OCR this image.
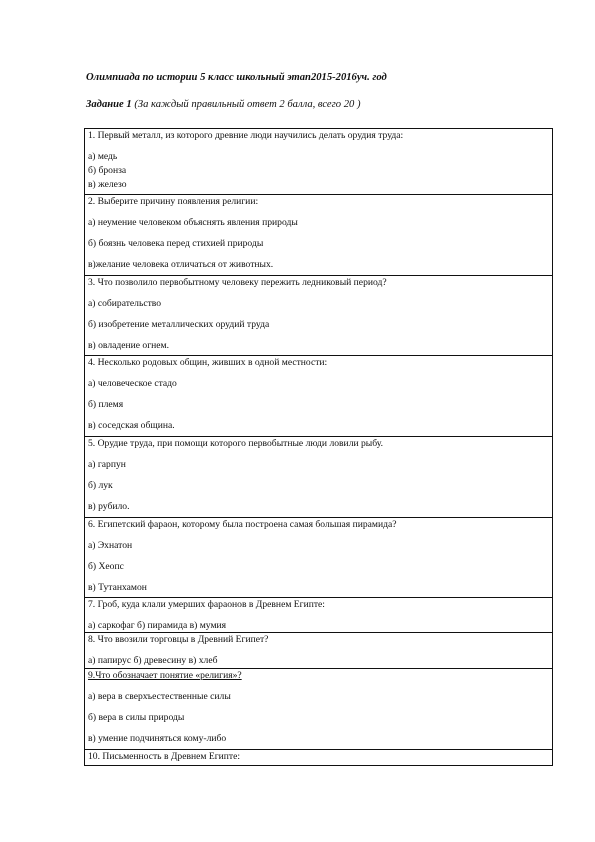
Олимпиада по истории 5 класс школьный этап2015-2016уч. год
Задание 1 (За каждый правильный ответ 2 балла, всего 20 )
1. Первый металл, из которого древние люди научились делать орудия труда:
а) медь
б) бронза
в) железо
2. Выберите причину появления религии:
а) неумение человеком объяснять явления природы
б) боязнь человека перед стихией природы
в)желание человека отличаться от животных.
3. Что позволило первобытному человеку пережить ледниковый период?
а) собирательство
б) изобретение металлических орудий труда
в) овладение огнем.
4. Несколько родовых общин, живших в одной местности:
а) человеческое стадо
б) племя
в) соседская община.
5. Орудие труда, при помощи которого первобытные люди ловили рыбу.
а) гарпун
б) лук
в) рубило.
6. Египетский фараон, которому была построена самая большая пирамида?
а) Эхнатон
б) Хеопс
в) Тутанхамон
7. Гроб, куда клали умерших фараонов в Древнем Египте:
а) саркофаг б) пирамида в) мумия
8. Что ввозили торговцы в Древний Египет?
а) папирус б) древесину в) хлеб
9.Что обозначает понятие «религия»?
а) вера в сверхъестественные силы
б) вера в силы природы
в) умение подчиняться кому-либо
10. Письменность в Древнем Египте:
